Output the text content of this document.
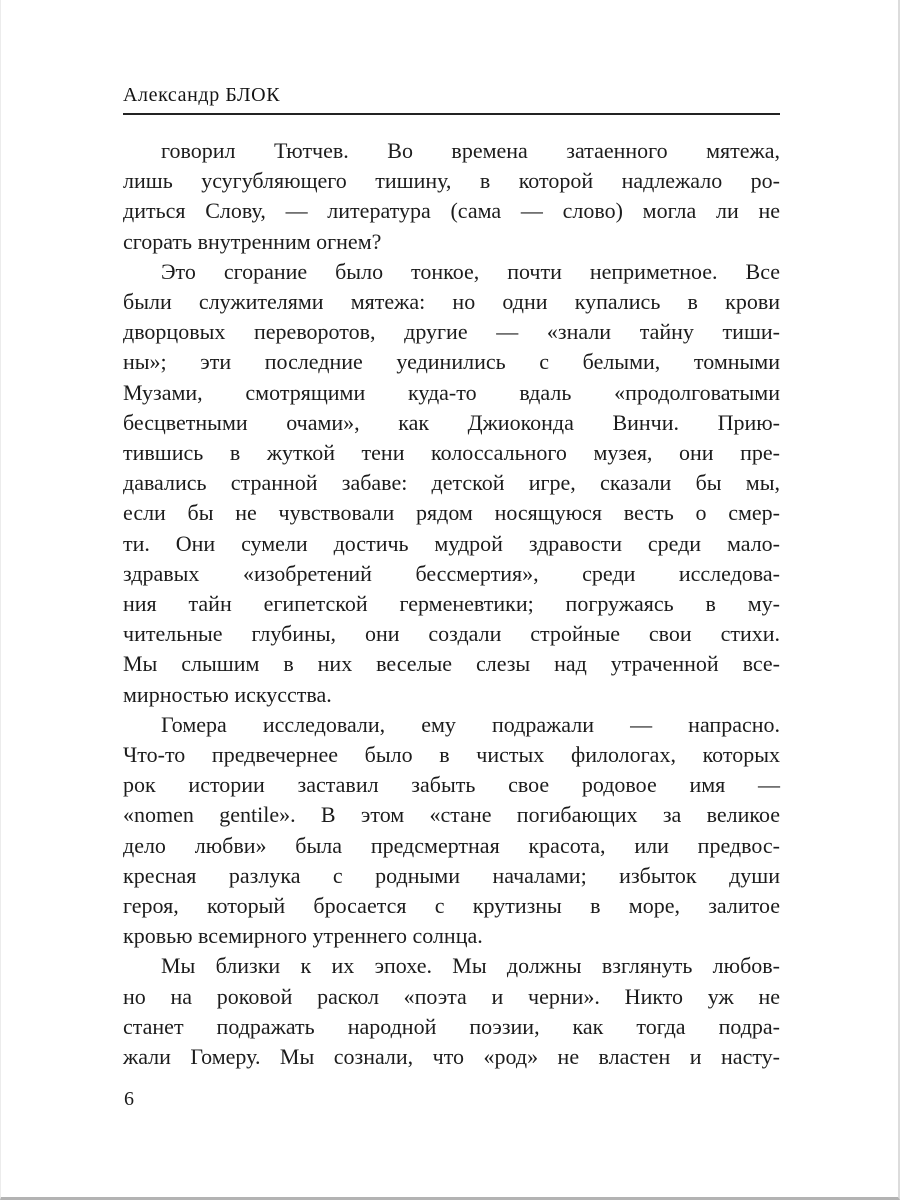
Александр БЛОК
говорил Тютчев. Во времена затаенного мятежа,
лишь усугубляющего тишину, в которой надлежало ро-
диться Слову, — литература (сама — слово) могла ли не
сгорать внутренним огнем?
Это сгорание было тонкое, почти неприметное. Все
были служителями мятежа: но одни купались в крови
дворцовых переворотов, другие — «знали тайну тиши-
ны»; эти последние уединились с белыми, томными
Музами, смотрящими куда-то вдаль «продолговатыми
бесцветными очами», как Джиоконда Винчи. Прию-
тившись в жуткой тени колоссального музея, они пре-
давались странной забаве: детской игре, сказали бы мы,
если бы не чувствовали рядом носящуюся весть о смер-
ти. Они сумели достичь мудрой здравости среди мало-
здравых «изобретений бессмертия», среди исследова-
ния тайн египетской герменевтики; погружаясь в му-
чительные глубины, они создали стройные свои стихи.
Мы слышим в них веселые слезы над утраченной все-
мирностью искусства.
Гомера исследовали, ему подражали — напрасно.
Что-то предвечернее было в чистых филологах, которых
рок истории заставил забыть свое родовое имя —
«nomen gentile». В этом «стане погибающих за великое
дело любви» была предсмертная красота, или предвос-
кресная разлука с родными началами; избыток души
героя, который бросается с крутизны в море, залитое
кровью всемирного утреннего солнца.
Мы близки к их эпохе. Мы должны взглянуть любов-
но на роковой раскол «поэта и черни». Никто уж не
станет подражать народной поэзии, как тогда подра-
жали Гомеру. Мы сознали, что «род» не властен и насту-
6
